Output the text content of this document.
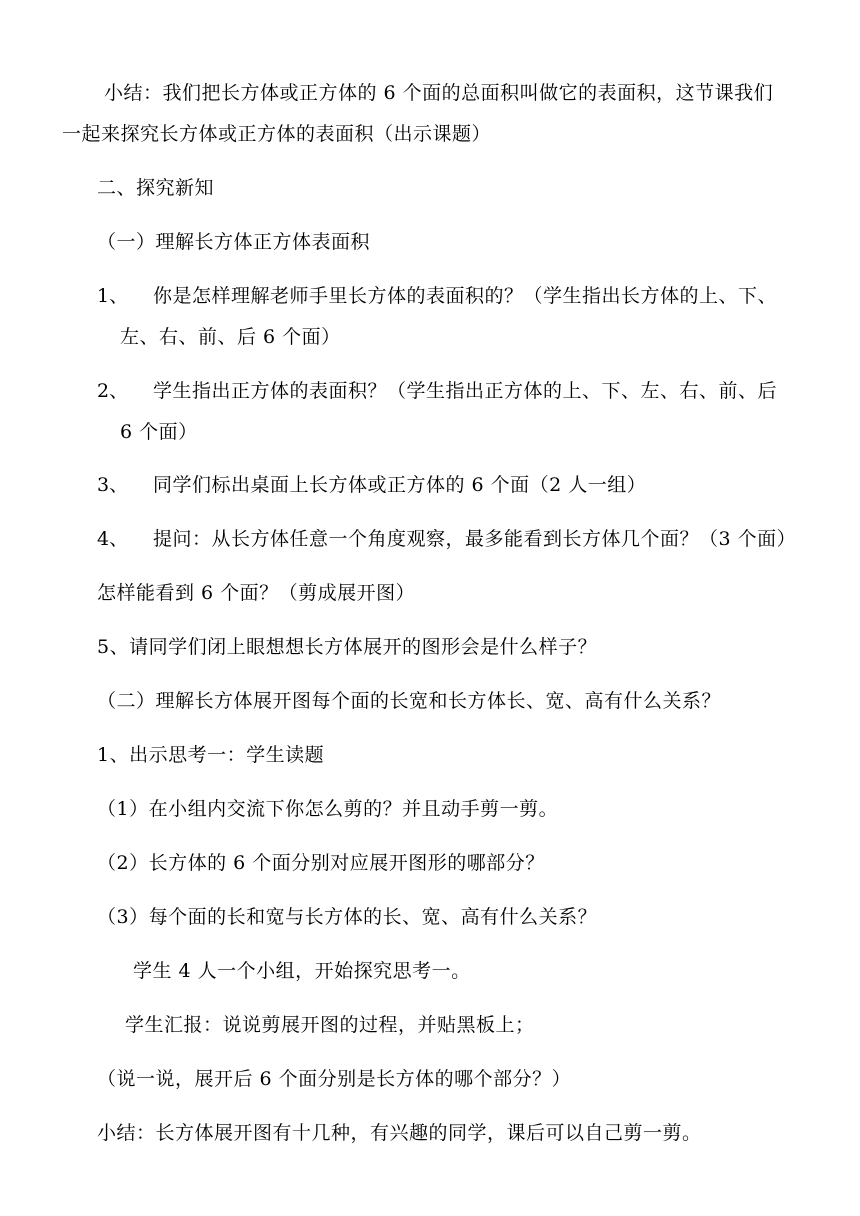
小结：我们把长方体或正方体的 6 个面的总面积叫做它的表面积，这节课我们
一起来探究长方体或正方体的表面积（出示课题）
二、探究新知
（一）理解长方体正方体表面积
1、 你是怎样理解老师手里长方体的表面积的？（学生指出长方体的上、下、
左、右、前、后 6 个面）
2、 学生指出正方体的表面积？（学生指出正方体的上、下、左、右、前、后
6 个面）
3、 同学们标出桌面上长方体或正方体的 6 个面（2 人一组）
4、 提问：从长方体任意一个角度观察，最多能看到长方体几个面？（3 个面）
怎样能看到 6 个面？（剪成展开图）
5、请同学们闭上眼想想长方体展开的图形会是什么样子？
（二）理解长方体展开图每个面的长宽和长方体长、宽、高有什么关系？
1、出示思考一：学生读题
（1）在小组内交流下你怎么剪的？并且动手剪一剪。
（2）长方体的 6 个面分别对应展开图形的哪部分？
（3）每个面的长和宽与长方体的长、宽、高有什么关系？
学生 4 人一个小组，开始探究思考一。
学生汇报：说说剪展开图的过程，并贴黑板上；
（说一说，展开后 6 个面分别是长方体的哪个部分？）
小结：长方体展开图有十几种，有兴趣的同学，课后可以自己剪一剪。
